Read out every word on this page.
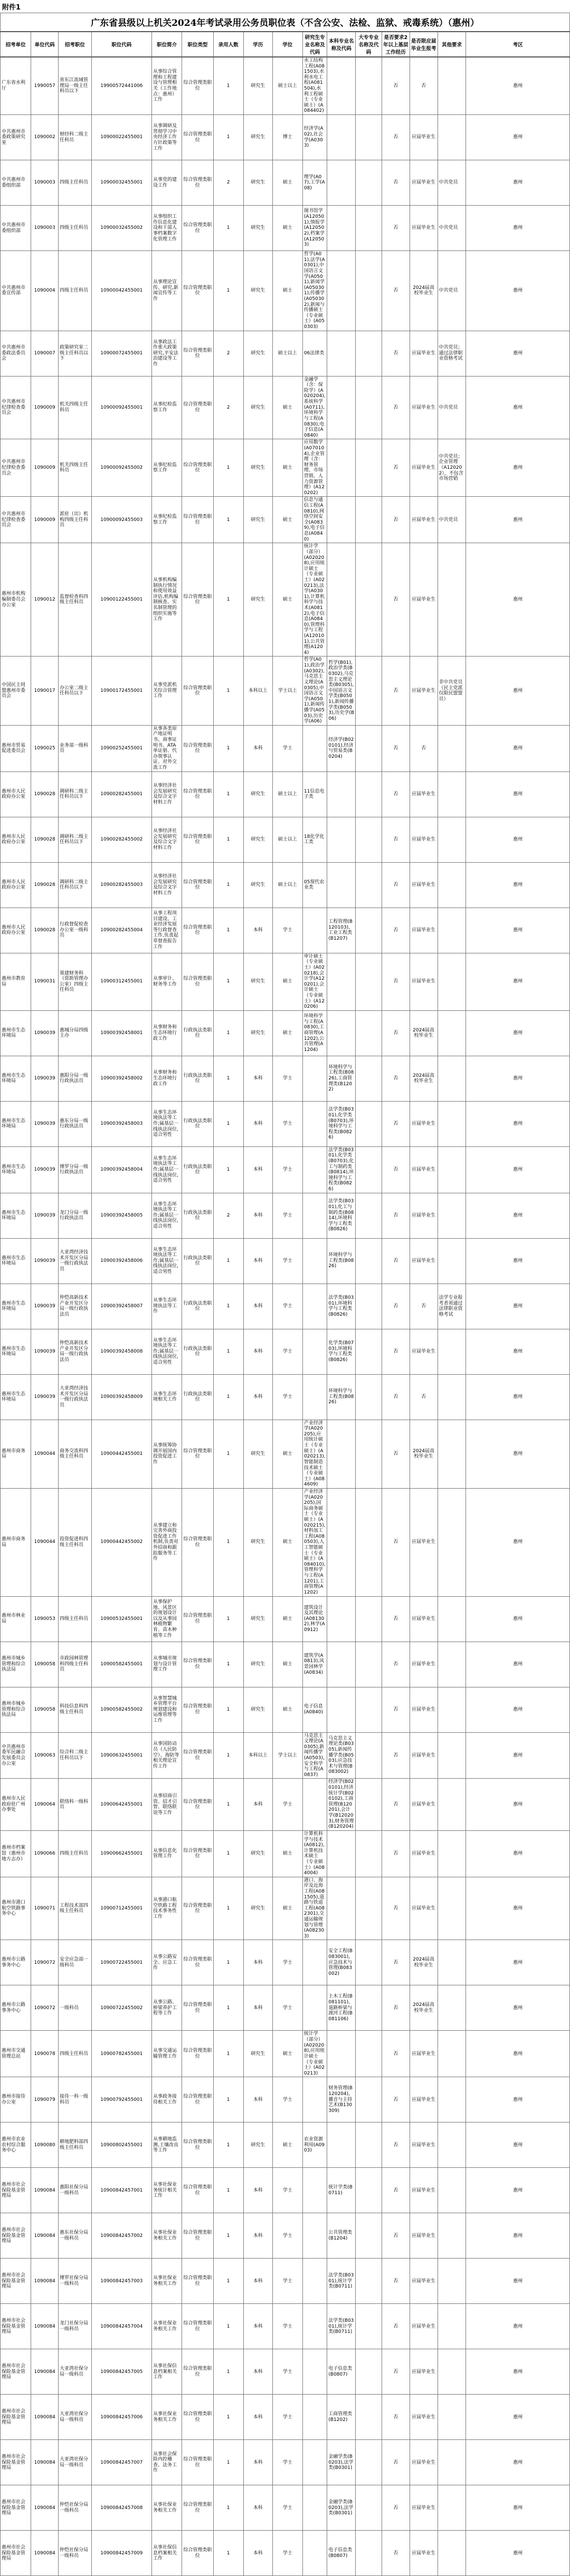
附件1
广东省县级以上机关2024年考试录用公务员职位表（不含公安、法检、监狱、戒毒系统）（惠州）															
招考单位	单位代码	招考职位	职位代码	职位简介	职位类型	录用人数	学历	学位	研究生专业名称及代码	本科专业名称及代码	大专专业名称及代码	是否要求2年以上基层工作经历	是否限应届毕业生报考	其他要求	考区
广东省水利厅	1990057	省东江流域管理局一级主任科员以下	19900572441006	从事综合管理和工程建设与管理相关（工作地点：惠州）工作	综合管理类职位	1	研究生	硕士以上	水工结构工程(A081503),水利水电工程(A081504),水利工程硕士（专业硕士）(A084402)			否	否		惠州
中共惠州市委政策研究室	1090002	财经科二级主任科员	10900022455001	从事调研及贯彻学习中央经济工作方针政策等工作	综合管理类职位	1	研究生	博士	经济学(A02),社会学(A0303)			否	应届毕业生		惠州
中共惠州市委组织部	1090003	四级主任科员	10900032455001	从事党的建设工作	综合管理类职位	2	研究生	硕士	理学(A07),工学(A08)			否	应届毕业生	中共党员	惠州
中共惠州市委组织部	1090003	四级主任科员	10900032455002	从事组织工作信息化建设和干部人事档案数字化管理工作	综合管理类职位	1	研究生	硕士	图书馆学(A120501),情报学(A120502),档案学(A120503)			否	应届毕业生	中共党员	惠州
中共惠州市委宣传部	1090004	四级主任科员	10900042455001	从事理论宣传、研究,新闻宣传等工作	综合管理类职位	1	研究生	硕士	哲学(A01),法学(A0301),中国语言文学(A0501),新闻学(A050301),传播学(A050302),新闻与传播硕士（专业硕士）(A050303)			否	2024届高校毕业生	中共党员	惠州
中共惠州市委政法委员会	1090007	政策研究室二级主任科员以下	10900072455001	从事政法工作重大政策研究,平安法治建设等工作	综合管理类职位	2	研究生	硕士以上	06法律类			否	应届毕业生	中共党员；通过法律职业资格考试	惠州
中共惠州市纪律检查委员会	1090009	机关四级主任科员	10900092455001	从事纪检监察工作	综合管理类职位	2	研究生	硕士	金融学（含：保险学）(A020204),系统科学(A0711),环境科学与工程(A0830),电子信息(A0840)			否	应届毕业生	中共党员	惠州
中共惠州市纪律检查委员会	1090009	机关四级主任科员	10900092455002	从事纪检监察工作	综合管理类职位	1	研究生	硕士	应用数学(A070104),企业管理（含：财务管理、市场营销、人力资源管理）(A120202)			否	应届毕业生	中共党员；企业管理（A120202），不包含市场营销	惠州
中共惠州市纪律检查委员会	1090009	派驻（出）机构四级主任科员	10900092455003	从事纪检监察工作	综合管理类职位	1	研究生	硕士	信息与通信工程(A0810),网络空间安全(A0839),电子信息(A0840)			否	应届毕业生	中共党员	惠州
惠州市机构编制委员会办公室	1090012	监督检查科四级主任科员	10900122455001	从事机构编制执行情况和使用效益评估,机构编制核查、实名制管理的组织实施等工作	综合管理类职位	1	研究生	硕士	统计学（部分）(A020208),应用统计硕士（专业硕士）(A020213),法学(A0301),计算机科学与技术(A0812),电子信息(A0840),管理科学与工程(A120101),公共管理(A1204)			否	应届毕业生		惠州
中国民主同盟惠州市委员会	1090017	办公室二级主任科员以下	10900172455001	从事党派机关综合管理工作	综合管理类职位	1	本科以上	学士以上	哲学(A01),政治学(A0302),马克思主义理论(A0305),中国语言文学(A0501),新闻传播学(A0503),历史学(A06)	哲学(B01),政治学类(B0302),马克思主义理论类(B0305),中国语言文学类(B0501),新闻传播学类(B0503),历史学(B06)		否	应届毕业生	非中共党员（民主党派仅限民盟盟员）	惠州
惠州市贸易促进委员会	1090025	业务部一级科员	10900252455001	从事各类原产地证明书、商事证明书、ATA单证册、代办领事认证、对外交流工作	综合管理类职位	1	本科	学士		经济学(B020101),经济与贸易类(B0204)		否	否		惠州
惠州市人民政府办公室	1090028	调研科二级主任科员以下	10900282455001	从事经济社会发展研究及综合文字材料工作	综合管理类职位	1	研究生	硕士以上	11信息电子类			否	应届毕业生		惠州
惠州市人民政府办公室	1090028	调研科二级主任科员以下	10900282455002	从事经济社会发展研究及综合文字材料工作	综合管理类职位	1	研究生	硕士以上	18化学化工类			否	应届毕业生		惠州
惠州市人民政府办公室	1090028	调研科二级主任科员以下	10900282455003	从事经济社会发展研究及综合文字材料工作	综合管理类职位	1	研究生	硕士以上	05现代农业类			否	应届毕业生		惠州
惠州市人民政府办公室	1090028	行政督促检查办公室一级科员	10900282455004	从事工程项目建设、工业经济发展等行政督查工作,负责起草督查报告工作	综合管理类职位	1	本科	学士		工程管理(B120103),工业工程类(B1207)		否	应届毕业生		惠州
惠州市教育局	1090031	基建财务科（资助管理办公室）四级主任科员	10900312455001	从事审计、财务等工作	综合管理类职位	1	研究生	硕士	审计硕士（专业硕士）(A020218),会计学(A120201),会计硕士（专业硕士）(A120206)			否	应届毕业生		惠州
惠州市生态环境局	1090039	惠城分局四级主办	10900392458001	从事财务和生态环境行政工作	行政执法类职位	1	研究生	硕士	环境科学与工程(A0830),工商管理(A1202),公共管理(A1204)			否	2024届高校毕业生		惠州
惠州市生态环境局	1090039	惠阳分局一级行政执法员	10900392458002	从事财务和生态环境行政工作	行政执法类职位	1	本科	学士		环境科学与工程类(B0826),工商管理类(B1202)		否	2024届高校毕业生		惠州
惠州市生态环境局	1090039	惠东分局一级行政执法员	10900392458003	从事生态环境执法等工作;属基层一线执法岗位,适合男性	行政执法类职位	1	本科	学士		法学类(B0301),化学类(B0703),环境科学与工程类(B0826)		否	应届毕业生		惠州
惠州市生态环境局	1090039	博罗分局一级行政执法员	10900392458004	从事生态环境执法等工作;属基层一线执法岗位,适合男性	行政执法类职位	1	本科	学士		法学类(B0301),化学类(B0703),化工与制药类(B0814),环境科学与工程类(B0826)		否	应届毕业生		惠州
惠州市生态环境局	1090039	龙门分局一级行政执法员	10900392458005	从事生态环境执法等工作;属基层一线执法岗位,适合男性	行政执法类职位	2	本科	学士		法学类(B0301),化工与制药类(B0814),环境科学与工程类(B0826)		否	应届毕业生		惠州
惠州市生态环境局	1090039	大亚湾经济技术开发区分局一级行政执法员	10900392458006	从事生态环境执法等工作;属基层一线执法岗位,适合男性	行政执法类职位	1	本科	学士		环境科学与工程类(B0826)		否	应届毕业生		惠州
惠州市生态环境局	1090039	仲恺高新技术产业开发区分局一级行政执法员	10900392458007	从事生态环境执法等工作	行政执法类职位	1	本科	学士		法学类(B0301),环境科学与工程类(B0826)		否	否	法学专业报考者须通过法律职业资格考试	惠州
惠州市生态环境局	1090039	仲恺高新技术产业开发区分局一级行政执法员	10900392458008	从事生态环境执法等工作;属基层一线执法岗位,适合男性	行政执法类职位	1	本科	学士		化学类(B0703),环境科学与工程类(B0826)		否	应届毕业生		惠州
惠州市生态环境局	1090039	大亚湾经济技术开发区分局一级行政执法员	10900392458009	从事生态环境相关工作	行政执法类职位	1	本科	学士		环境科学与工程类(B0826)		否	否		惠州
惠州市商务局	1090044	商务交流科四级主任科员	10900442455001	从事统筹协调开展国内投资促进工作	综合管理类职位	1	研究生	硕士	产业经济学(A020205),应用统计硕士（专业硕士）(A020213),智能制造技术硕士（专业硕士）(A084609)			否	2024届高校毕业生		惠州
惠州市商务局	1090044	投资促进科四级主任科员	10900442455002	从事建立和完善外商投资促进工作机制,负责对外招商和跟踪服务等工作	综合管理类职位	1	研究生	硕士	产业经济学(A020205),国际商务硕士（专业硕士）(A020215),材料加工工程(A080503),人工智能硕士（专业硕士）(A084010),管理科学与工程(A1201),工商管理(A1202)			否	应届毕业生		惠州
惠州市林业局	1090053	四级主任科员	10900532455001	从事保护地、风景区的规划设计以及从事园林植物繁育、苗木种植等工作	综合管理类职位	1	研究生	硕士	建筑设计及其理论(A081302),林学(A0912)			否	应届毕业生		惠州
惠州市城乡管理和综合执法局	1090058	市政园林管理科四级主任科员	10900582455001	从事城市规划与设计管理工作	综合管理类职位	1	研究生	硕士	建筑学(A0813),风景园林学(A0834)			否	应届毕业生		惠州
惠州市城乡管理和综合执法局	1090058	科技信息科四级主任科员	10900582455002	从事智慧城乡管理平台规划建设和运维管理等工作	综合管理类职位	1	研究生	硕士	电子信息(A0840)			否	应届毕业生		惠州
中共惠州市委军民融合发展委员会办公室	1090063	综合科二级主任科员以下	10900632455001	从事国防动员（人民防空）、海防等相关理论宣传工作	综合管理类职位	1	本科以上	学士以上	马克思主义理论(A0305),新闻传播学(A0503),安全科学与工程(A0837)	马克思主义理论类(B0305),新闻传播学类(B0503),应急技术与管理(B083002)		否	应届毕业生		惠州
惠州市人民政府驻广州办事处	1090064	联络科一级科员	10900642455001	从事招商引资、招才引智、联络联谊等工作	综合管理类职位	1	本科	学士		经济学(B020101),经济统计学(B020102),工商管理(B120201),会计学(B120203),财务管理(B120204)		否	应届毕业生		惠州
惠州市档案馆（惠州市地方志办）	1090066	四级主任科员	10900662455001	从事信息化管理工作	综合管理类职位	1	研究生	硕士	计算机科学与技术(A0812),计算机技术硕士（专业硕士）(A084004)			否	应届毕业生		惠州
惠州市港口航空铁路事务中心	1090071	工程技术部四级主任科员	10900712455001	从事港口航空铁路工程技术事务性工作	综合管理类职位	1	研究生	硕士	港口、海岸及近海工程(A081505),道路与铁道工程(A082301),交通运输规划与管理(A082303)			否	应届毕业生		惠州
惠州市公路事务中心	1090072	安全应急部一级科员	10900722455001	从事公路安全、应急工作	综合管理类职位	1	本科	学士		安全工程(B083001),应急技术与管理(B083002)		否	2024届高校毕业生		惠州
惠州市公路事务中心	1090072	一级科员	10900722455002	从事公路、桥梁养护工程等工作	综合管理类职位	1	本科	学士		土木工程(B081101),道路桥梁与渡河工程(B081106)		否	2024届高校毕业生		惠州
惠州市交通管理总站	1090078	四级主任科员	10900782455001	从事交通运输管理工作	综合管理类职位	1	研究生	硕士	统计学（部分）(A020208),应用统计硕士（专业硕士）(A020213)			否	应届毕业生		惠州
惠州市接待办公室	1090079	接待一科一级科员	10900792455001	从事政务接待相关工作	综合管理类职位	1	本科	学士		财务管理(B120204),播音与主持艺术(B130309)		否	应届毕业生		惠州
惠州市农业农村综合服务中心	1090080	耕地肥料部四级主任科员	10900802455001	从事耕地监测,土壤改良等工作	综合管理类职位	1	研究生	硕士	农业资源利用(A0903)			否	应届毕业生		惠州
惠州市社会保险基金管理局	1090084	惠阳社保分局一级科员	10900842457001	从事社保业务统计相关工作	综合管理类职位	1	本科	学士		统计学类(B0711)		否	应届毕业生		惠州
惠州市社会保险基金管理局	1090084	惠东社保分局一级科员	10900842457002	从事社保业务相关工作	综合管理类职位	1	本科	学士		公共管理类(B1204)		否	应届毕业生		惠州
惠州市社会保险基金管理局	1090084	博罗社保分局一级科员	10900842457003	从事社保业务相关工作	综合管理类职位	1	本科	学士		法学类(B0301),统计学类(B0711)		否	应届毕业生		惠州
惠州市社会保险基金管理局	1090084	龙门社保分局一级科员	10900842457004	从事社保业务相关工作	综合管理类职位	1	本科	学士		法学类(B0301),统计学类(B0711)		否	应届毕业生		惠州
惠州市社会保险基金管理局	1090084	大亚湾社保分局一级科员	10900842457005	从事社保信息档案相关工作	综合管理类职位	1	本科	学士		电子信息类(B0807)		否	应届毕业生		惠州
惠州市社会保险基金管理局	1090084	大亚湾社保分局一级科员	10900842457006	从事社保业务相关工作	综合管理类职位	1	本科	学士		工商管理类(B1202)		否	应届毕业生		惠州
惠州市社会保险基金管理局	1090084	大亚湾社保分局一级科员	10900842457007	从事社会保险内控稽查、法务工作	综合管理类职位	1	本科	学士		金融学类(B0203),法学类(B0301)		否	应届毕业生		惠州
惠州市社会保险基金管理局	1090084	仲恺社保分局一级科员	10900842457008	从事社保业务相关工作	综合管理类职位	1	本科	学士		金融学类(B0203),法学类(B0301)		否	应届毕业生		惠州
惠州市社会保险基金管理局	1090084	仲恺社保分局一级科员	10900842457009	从事社保信息档案相关工作	综合管理类职位	1	本科	学士		电子信息类(B0807)		否	应届毕业生		惠州
